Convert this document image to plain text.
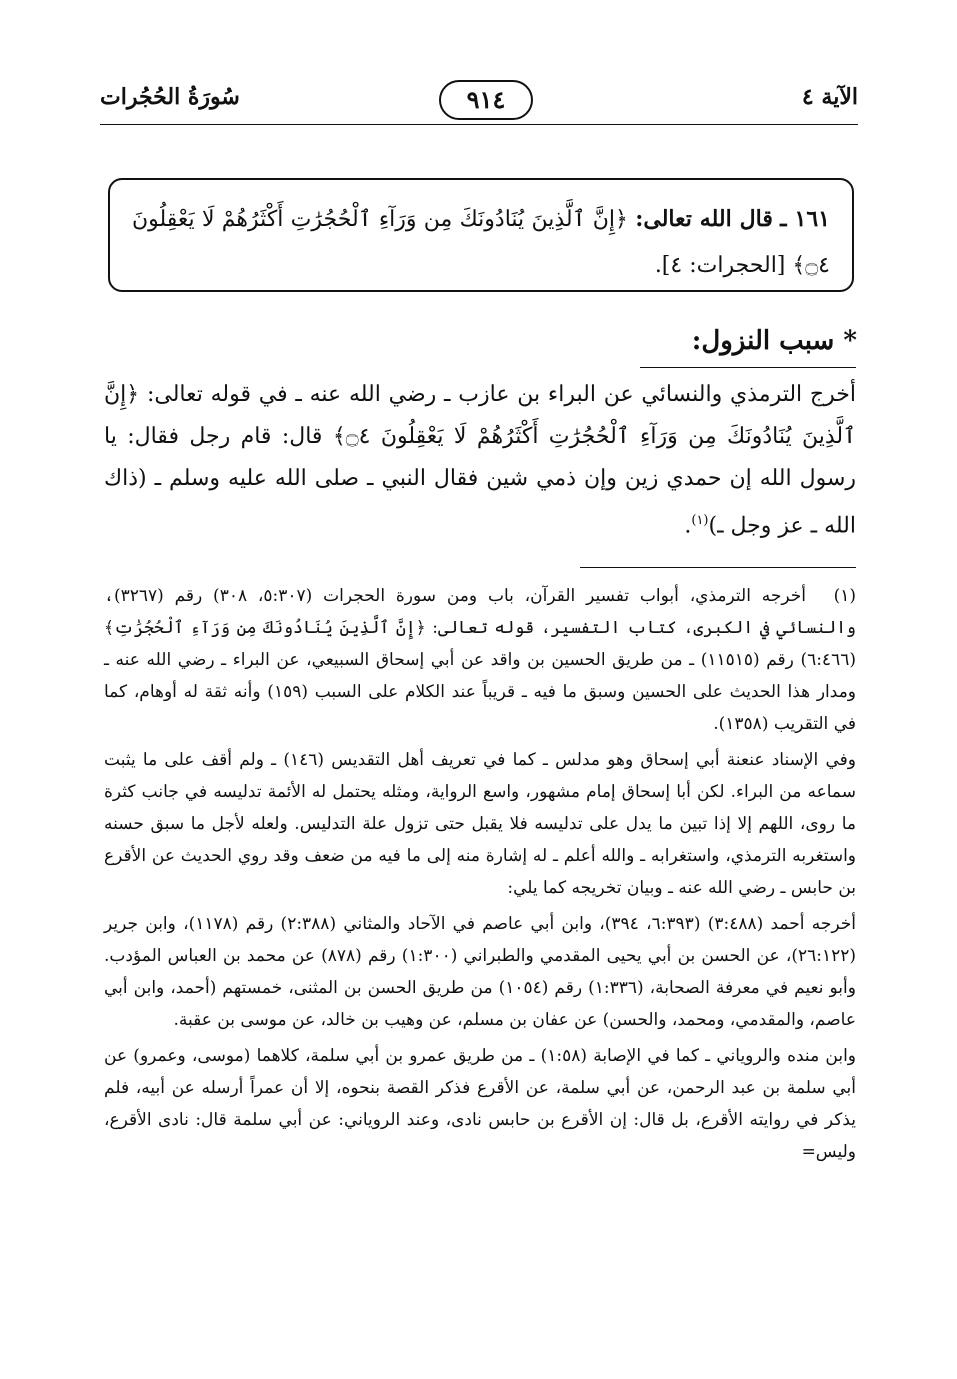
الآية ٤
٩١٤
سُورَةُ الحُجُرات
١٦١ ـ قال الله تعالى: ﴿إِنَّ ٱلَّذِينَ يُنَادُونَكَ مِن وَرَآءِ ٱلْحُجُرَٰتِ أَكْثَرُهُمْ لَا يَعْقِلُونَ ۝٤﴾ [الحجرات: ٤].
* سبب النزول:
أخرج الترمذي والنسائي عن البراء بن عازب ـ رضي الله عنه ـ في قوله تعالى: ﴿إِنَّ ٱلَّذِينَ يُنَادُونَكَ مِن وَرَآءِ ٱلْحُجُرَٰتِ أَكْثَرُهُمْ لَا يَعْقِلُونَ ۝٤﴾ قال: قام رجل فقال: يا رسول الله إن حمدي زين وإن ذمي شين فقال النبي ـ صلى الله عليه وسلم ـ (ذاك الله ـ عز وجل ـ)$^{(١)}$.

(١)أخرجه الترمذي، أبواب تفسير القرآن، باب ومن سورة الحجرات (٥:٣٠٧، ٣٠٨) رقم (٣٢٦٧)، والنسائي في الكبرى، كتاب التفسير، قوله تعالى: ﴿إِنَّ ٱلَّذِينَ يُنَادُونَكَ مِن وَرَآءِ ٱلْحُجُرَٰتِ﴾ (٦:٤٦٦) رقم (١١٥١٥) ـ من طريق الحسين بن واقد عن أبي إسحاق السبيعي، عن البراء ـ رضي الله عنه ـ ومدار هذا الحديث على الحسين وسبق ما فيه ـ قريباً عند الكلام على السبب (١٥٩) وأنه ثقة له أوهام، كما في التقريب (١٣٥٨).

وفي الإسناد عنعنة أبي إسحاق وهو مدلس ـ كما في تعريف أهل التقديس (١٤٦) ـ ولم أقف على ما يثبت سماعه من البراء. لكن أبا إسحاق إمام مشهور، واسع الرواية، ومثله يحتمل له الأئمة تدليسه في جانب كثرة ما روى، اللهم إلا إذا تبين ما يدل على تدليسه فلا يقبل حتى تزول علة التدليس. ولعله لأجل ما سبق حسنه واستغربه الترمذي، واستغرابه ـ والله أعلم ـ له إشارة منه إلى ما فيه من ضعف وقد روي الحديث عن الأقرع بن حابس ـ رضي الله عنه ـ وبيان تخريجه كما يلي:

أخرجه أحمد (٣:٤٨٨) (٦:٣٩٣، ٣٩٤)، وابن أبي عاصم في الآحاد والمثاني (٢:٣٨٨) رقم (١١٧٨)، وابن جرير (٢٦:١٢٢)، عن الحسن بن أبي يحيى المقدمي والطبراني (١:٣٠٠) رقم (٨٧٨) عن محمد بن العباس المؤدب. وأبو نعيم في معرفة الصحابة، (١:٣٣٦) رقم (١٠٥٤) من طريق الحسن بن المثنى، خمستهم (أحمد، وابن أبي عاصم، والمقدمي، ومحمد، والحسن) عن عفان بن مسلم، عن وهيب بن خالد، عن موسى بن عقبة.

وابن منده والروياني ـ كما في الإصابة (١:٥٨) ـ من طريق عمرو بن أبي سلمة، كلاهما (موسى، وعمرو) عن أبي سلمة بن عبد الرحمن، عن أبي سلمة، عن الأقرع فذكر القصة بنحوه، إلا أن عمراً أرسله عن أبيه، فلم يذكر في روايته الأقرع، بل قال: إن الأقرع بن حابس نادى، وعند الروياني: عن أبي سلمة قال: نادى الأقرع، وليس=
